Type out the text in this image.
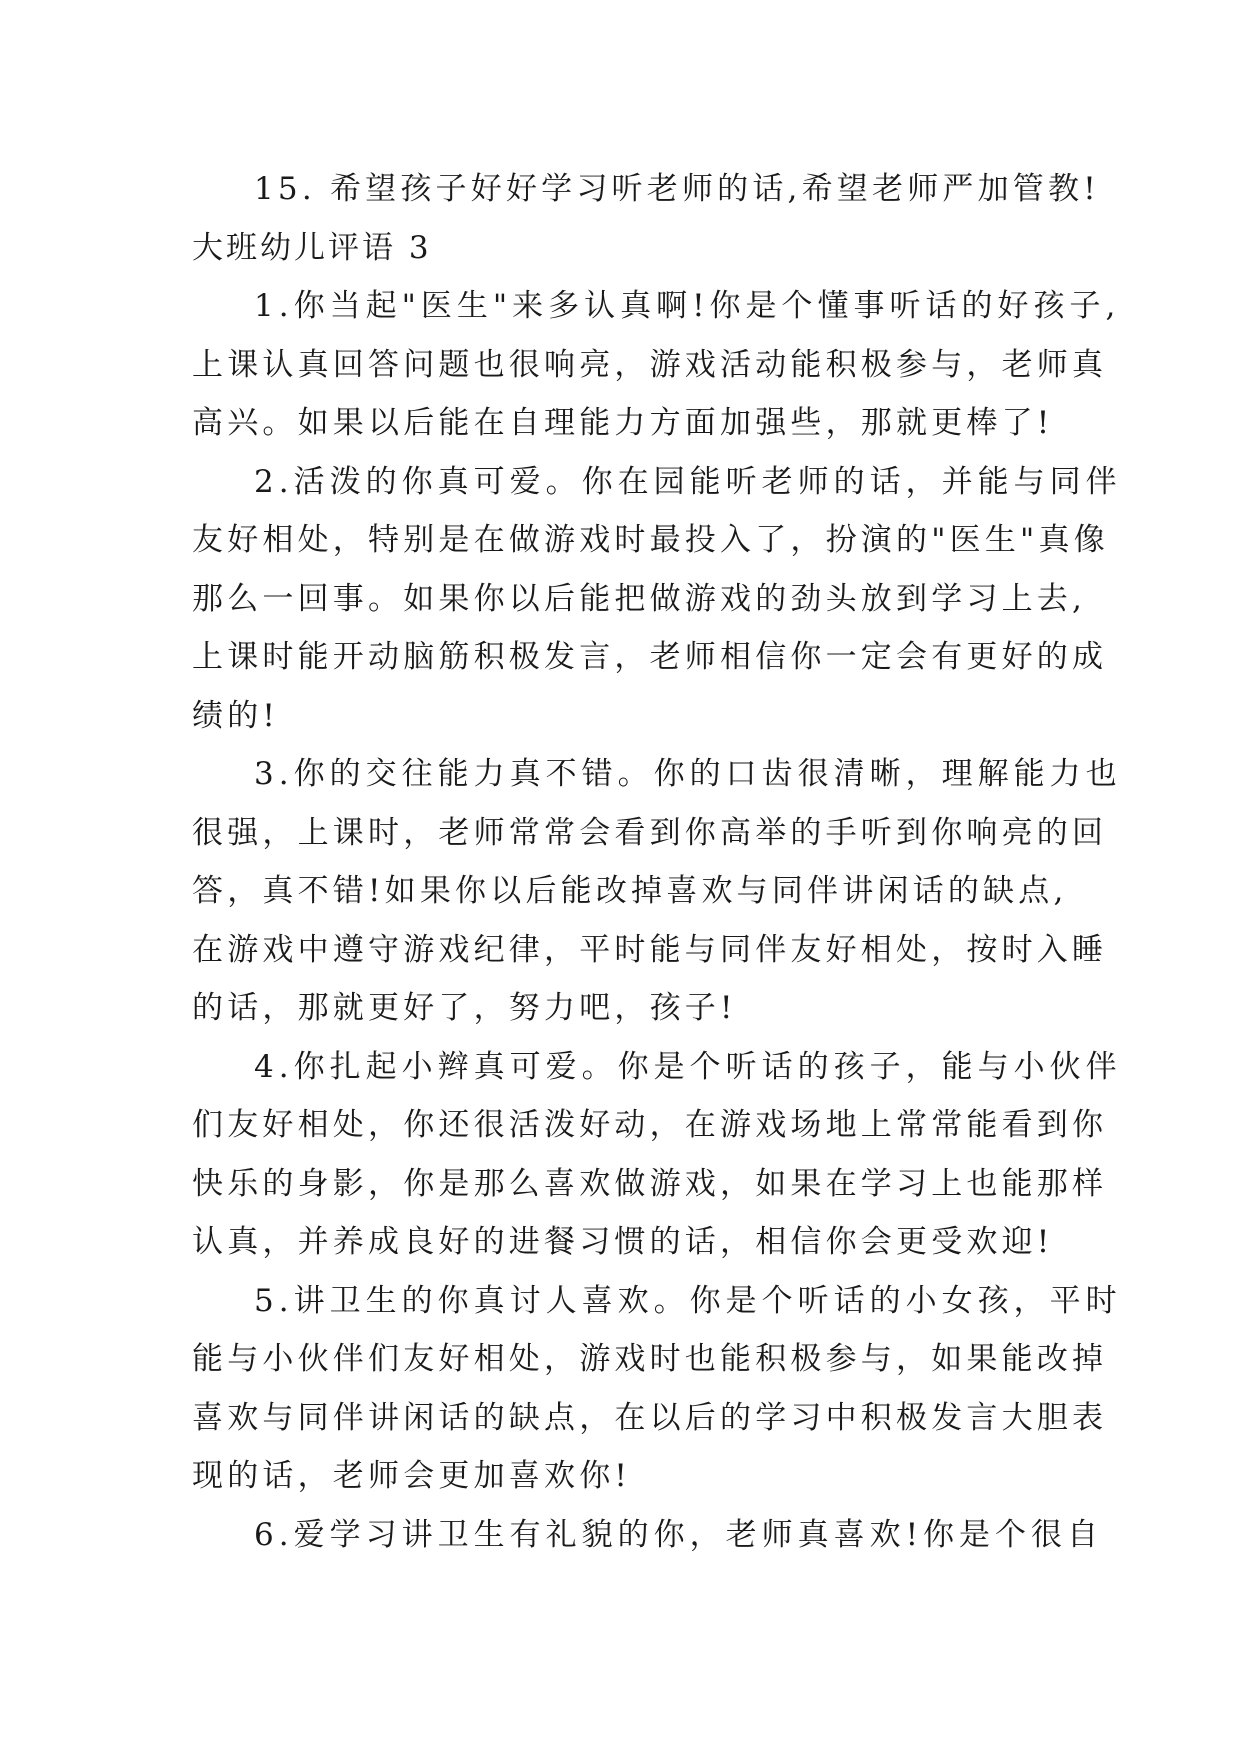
15. 希望孩子好好学习听老师的话,希望老师严加管教!
大班幼儿评语 3
1.你当起"医生"来多认真啊!你是个懂事听话的好孩子,
上课认真回答问题也很响亮，游戏活动能积极参与，老师真
高兴。如果以后能在自理能力方面加强些，那就更棒了!
2.活泼的你真可爱。你在园能听老师的话，并能与同伴
友好相处，特别是在做游戏时最投入了，扮演的"医生"真像
那么一回事。如果你以后能把做游戏的劲头放到学习上去,
上课时能开动脑筋积极发言，老师相信你一定会有更好的成
绩的!
3.你的交往能力真不错。你的口齿很清晰，理解能力也
很强，上课时，老师常常会看到你高举的手听到你响亮的回
答，真不错!如果你以后能改掉喜欢与同伴讲闲话的缺点,
在游戏中遵守游戏纪律，平时能与同伴友好相处，按时入睡
的话，那就更好了，努力吧，孩子!
4.你扎起小辫真可爱。你是个听话的孩子，能与小伙伴
们友好相处，你还很活泼好动，在游戏场地上常常能看到你
快乐的身影，你是那么喜欢做游戏，如果在学习上也能那样
认真，并养成良好的进餐习惯的话，相信你会更受欢迎!
5.讲卫生的你真讨人喜欢。你是个听话的小女孩，平时
能与小伙伴们友好相处，游戏时也能积极参与，如果能改掉
喜欢与同伴讲闲话的缺点，在以后的学习中积极发言大胆表
现的话，老师会更加喜欢你!
6.爱学习讲卫生有礼貌的你，老师真喜欢!你是个很自
